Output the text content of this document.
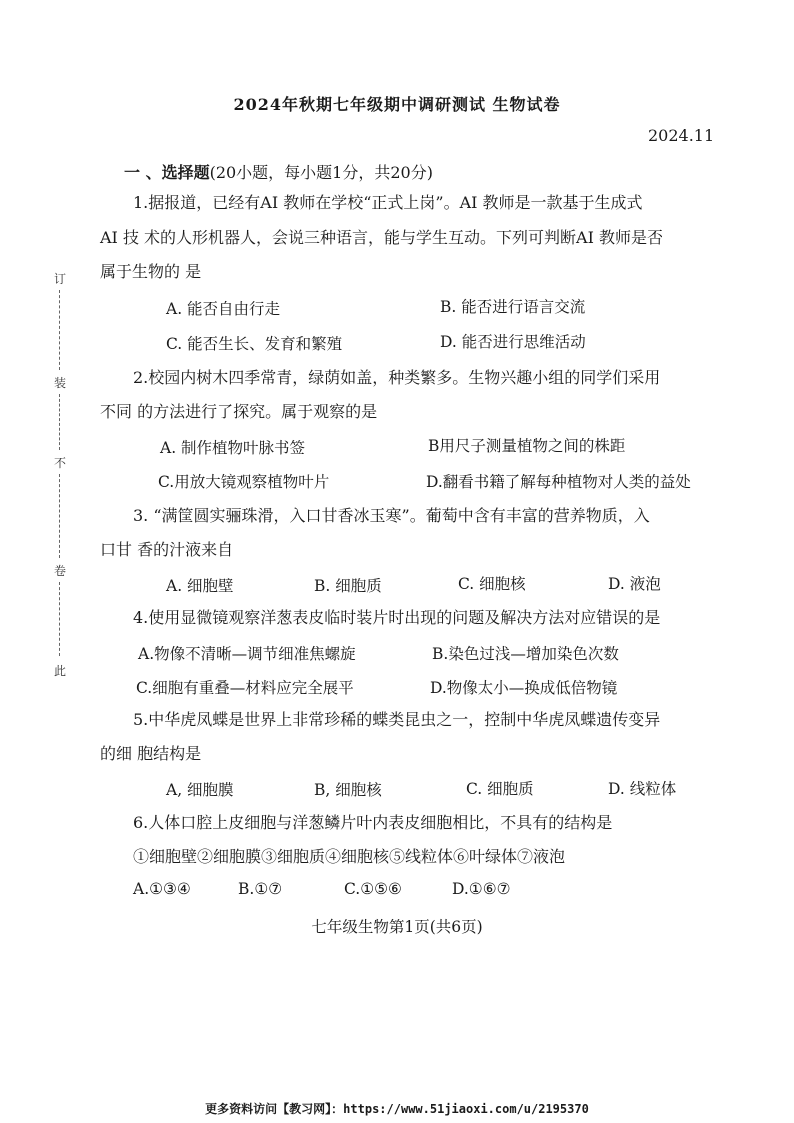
2024年秋期七年级期中调研测试 生物试卷
2024.11
一 、选择题(20小题，每小题1分，共20分)
订
装
不
卷
此
1.据报道，已经有AI 教师在学校“正式上岗”。AI 教师是一款基于生成式
AI 技 术的人形机器人，会说三种语言，能与学生互动。下列可判断AI 教师是否
属于生物的 是
A. 能否自由行走	B. 能否进行语言交流
C. 能否生长、发育和繁殖	D. 能否进行思维活动
2.校园内树木四季常青，绿荫如盖，种类繁多。生物兴趣小组的同学们采用
不同 的方法进行了探究。属于观察的是
A. 制作植物叶脉书签	B用尺子测量植物之间的株距
C.用放大镜观察植物叶片	D.翻看书籍了解每种植物对人类的益处
3. “满筐圆实骊珠滑，入口甘香冰玉寒”。葡萄中含有丰富的营养物质，入
口甘 香的汁液来自
A. 细胞壁	B. 细胞质	C. 细胞核	D. 液泡
4.使用显微镜观察洋葱表皮临时装片时出现的问题及解决方法对应错误的是
A.物像不清晰—调节细准焦螺旋	B.染色过浅—增加染色次数
C.细胞有重叠—材料应完全展平	D.物像太小—换成低倍物镜
5.中华虎凤蝶是世界上非常珍稀的蝶类昆虫之一，控制中华虎凤蝶遗传变异
的细 胞结构是
A, 细胞膜	B, 细胞核	C. 细胞质	D. 线粒体
6.人体口腔上皮细胞与洋葱鳞片叶内表皮细胞相比，不具有的结构是
①细胞壁②细胞膜③细胞质④细胞核⑤线粒体⑥叶绿体⑦液泡
A.①③④	B.①⑦	C.①⑤⑥	D.①⑥⑦
七年级生物第1页(共6页)
更多资料访问【教习网】：https://www.51jiaoxi.com/u/2195370
